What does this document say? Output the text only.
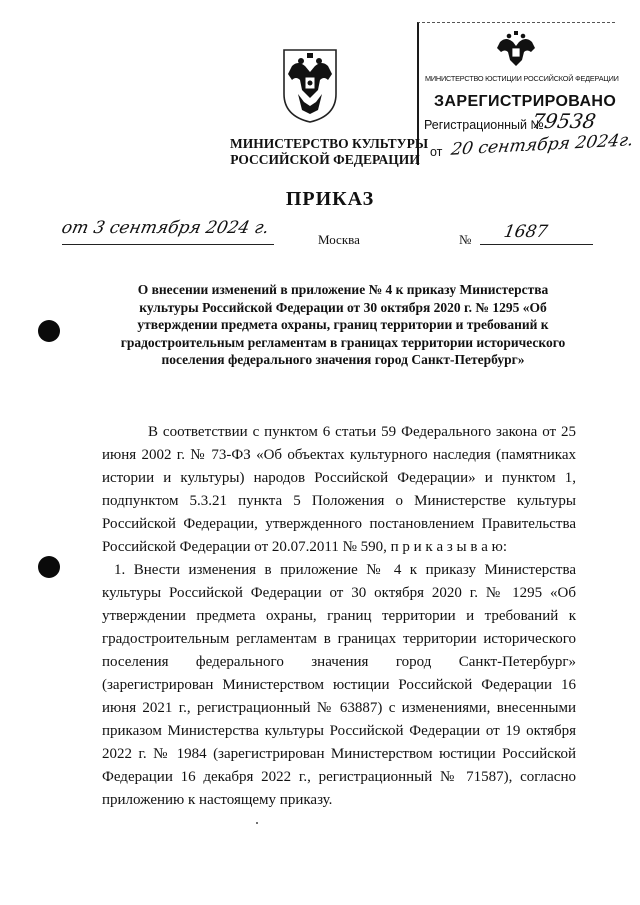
МИНИСТЕРСТВО ЮСТИЦИИ РОССИЙСКОЙ ФЕДЕРАЦИИ
ЗАРЕГИСТРИРОВАНО
Регистрационный №
79538
от 20 сентября 2024г.
МИНИСТЕРСТВО КУЛЬТУРЫ
РОССИЙСКОЙ ФЕДЕРАЦИИ
ПРИКАЗ
от 3 сентября 2024 г.
Москва	№ 1687
О внесении изменений в приложение № 4 к приказу Министерства культуры Российской Федерации от 30 октября 2020 г. № 1295 «Об утверждении предмета охраны, границ территории и требований к градостроительным регламентам в границах территории исторического поселения федерального значения город Санкт-Петербург»
В соответствии с пунктом 6 статьи 59 Федерального закона от 25 июня 2002 г. № 73-ФЗ «Об объектах культурного наследия (памятниках истории и культуры) народов Российской Федерации» и пунктом 1, подпунктом 5.3.21 пункта 5 Положения о Министерстве культуры Российской Федерации, утвержденного постановлением Правительства Российской Федерации от 20.07.2011 № 590, п р и к а з ы в а ю:
1. Внести изменения в приложение № 4 к приказу Министерства культуры Российской Федерации от 30 октября 2020 г. № 1295 «Об утверждении предмета охраны, границ территории и требований к градостроительным регламентам в границах территории исторического поселения федерального значения город Санкт-Петербург» (зарегистрирован Министерством юстиции Российской Федерации 16 июня 2021 г., регистрационный № 63887) с изменениями, внесенными приказом Министерства культуры Российской Федерации от 19 октября 2022 г. № 1984 (зарегистрирован Министерством юстиции Российской Федерации 16 декабря 2022 г., регистрационный № 71587), согласно приложению к настоящему приказу.
